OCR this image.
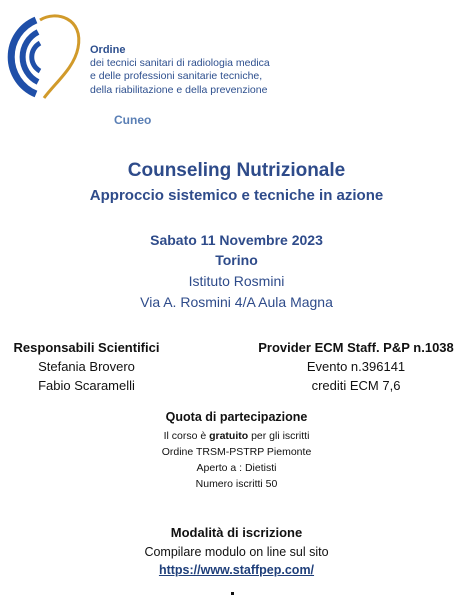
Ordine
dei tecnici sanitari di radiologia medica
e delle professioni sanitarie tecniche,
della riabilitazione e della prevenzione
Cuneo
Counseling Nutrizionale
Approccio sistemico e tecniche in azione
Sabato 11 Novembre 2023
Torino
Istituto Rosmini
Via A. Rosmini 4/A Aula Magna
Responsabili Scientifici
Stefania Brovero
Fabio Scaramelli
Provider ECM Staff. P&P n.1038
Evento n.396141
crediti ECM 7,6
Quota di partecipazione
Il corso è gratuito per gli iscritti
Ordine TRSM-PSTRP Piemonte
Aperto a : Dietisti
Numero iscritti 50
Modalità di iscrizione
Compilare modulo on line sul sito
https://www.staffpep.com/
